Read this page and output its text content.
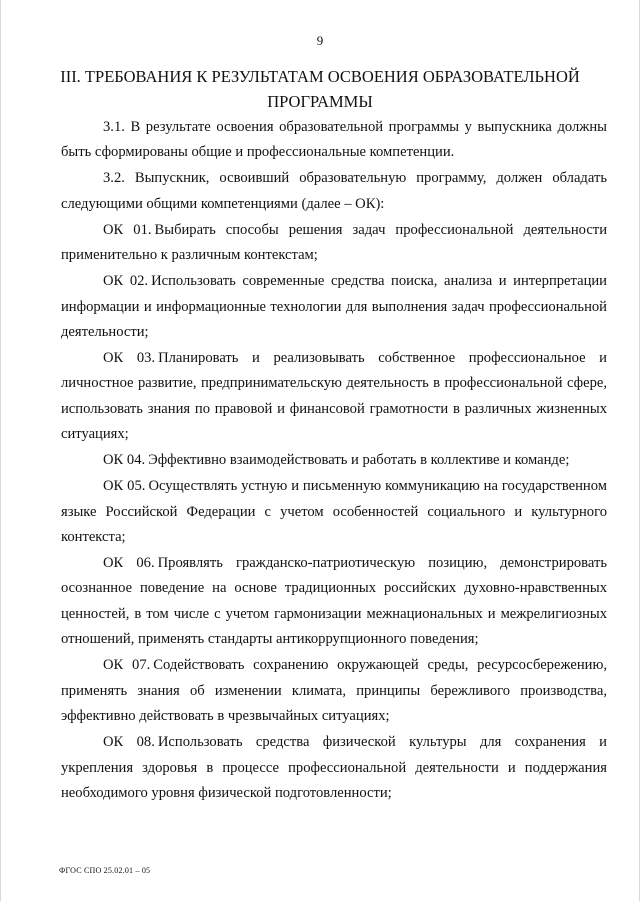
9
III. ТРЕБОВАНИЯ К РЕЗУЛЬТАТАМ ОСВОЕНИЯ ОБРАЗОВАТЕЛЬНОЙ ПРОГРАММЫ

3.1. В результате освоения образовательной программы у выпускника должны быть сформированы общие и профессиональные компетенции.

3.2. Выпускник, освоивший образовательную программу, должен обладать следующими общими компетенциями (далее – ОК):

ОК 01. Выбирать способы решения задач профессиональной деятельности применительно к различным контекстам;

ОК 02. Использовать современные средства поиска, анализа и интерпретации информации и информационные технологии для выполнения задач профессиональной деятельности;

ОК 03. Планировать и реализовывать собственное профессиональное и личностное развитие, предпринимательскую деятельность в профессиональной сфере, использовать знания по правовой и финансовой грамотности в различных жизненных ситуациях;

ОК 04. Эффективно взаимодействовать и работать в коллективе и команде;

ОК 05. Осуществлять устную и письменную коммуникацию на государственном языке Российской Федерации с учетом особенностей социального и культурного контекста;

ОК 06. Проявлять гражданско-патриотическую позицию, демонстрировать осознанное поведение на основе традиционных российских духовно-нравственных ценностей, в том числе с учетом гармонизации межнациональных и межрелигиозных отношений, применять стандарты антикоррупционного поведения;

ОК 07. Содействовать сохранению окружающей среды, ресурсосбережению, применять знания об изменении климата, принципы бережливого производства, эффективно действовать в чрезвычайных ситуациях;

ОК 08. Использовать средства физической культуры для сохранения и укрепления здоровья в процессе профессиональной деятельности и поддержания необходимого уровня физической подготовленности;

ФГОС СПО 25.02.01 – 05
